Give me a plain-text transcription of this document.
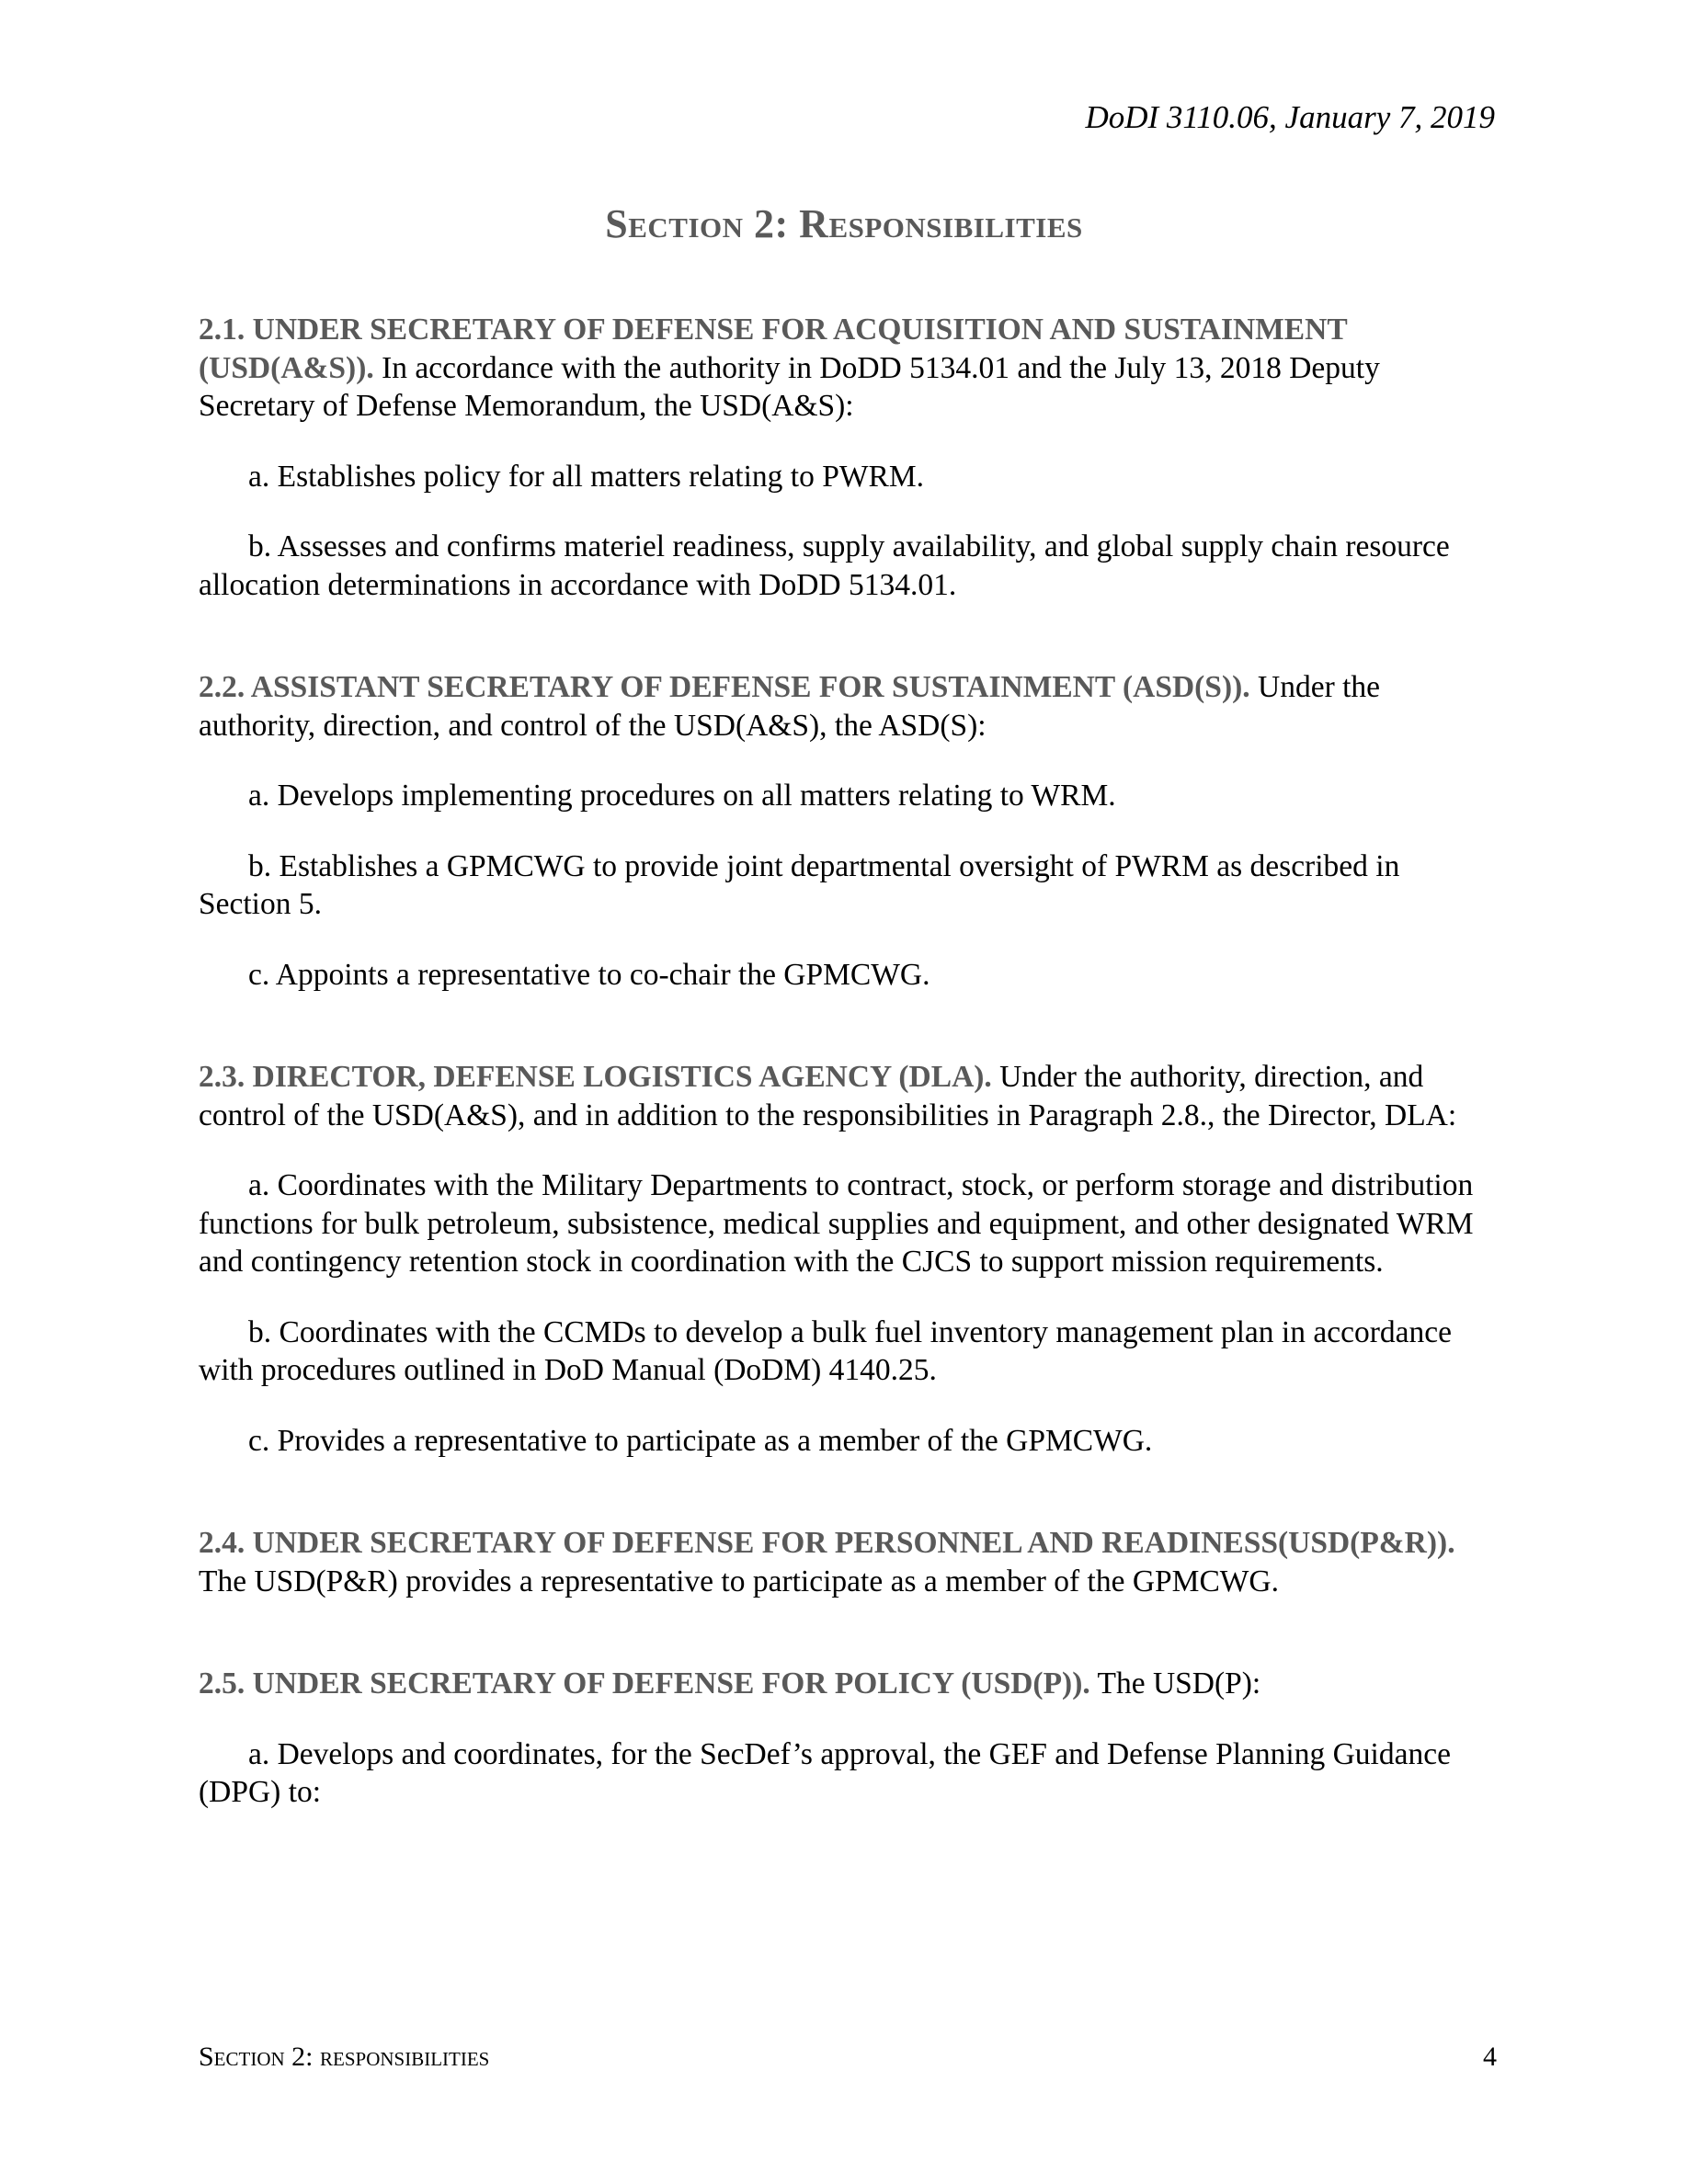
DoDI 3110.06, January 7, 2019
Section 2: Responsibilities

2.1. UNDER SECRETARY OF DEFENSE FOR ACQUISITION AND SUSTAINMENT (USD(A&S)). In accordance with the authority in DoDD 5134.01 and the July 13, 2018 Deputy Secretary of Defense Memorandum, the USD(A&S):

a. Establishes policy for all matters relating to PWRM.

b. Assesses and confirms materiel readiness, supply availability, and global supply chain resource allocation determinations in accordance with DoDD 5134.01.

2.2. ASSISTANT SECRETARY OF DEFENSE FOR SUSTAINMENT (ASD(S)). Under the authority, direction, and control of the USD(A&S), the ASD(S):

a. Develops implementing procedures on all matters relating to WRM.

b. Establishes a GPMCWG to provide joint departmental oversight of PWRM as described in Section 5.

c. Appoints a representative to co-chair the GPMCWG.

2.3. DIRECTOR, DEFENSE LOGISTICS AGENCY (DLA). Under the authority, direction, and control of the USD(A&S), and in addition to the responsibilities in Paragraph 2.8., the Director, DLA:

a. Coordinates with the Military Departments to contract, stock, or perform storage and distribution functions for bulk petroleum, subsistence, medical supplies and equipment, and other designated WRM and contingency retention stock in coordination with the CJCS to support mission requirements.

b. Coordinates with the CCMDs to develop a bulk fuel inventory management plan in accordance with procedures outlined in DoD Manual (DoDM) 4140.25.

c. Provides a representative to participate as a member of the GPMCWG.

2.4. UNDER SECRETARY OF DEFENSE FOR PERSONNEL AND READINESS(USD(P&R)). The USD(P&R) provides a representative to participate as a member of the GPMCWG.

2.5. UNDER SECRETARY OF DEFENSE FOR POLICY (USD(P)). The USD(P):

a. Develops and coordinates, for the SecDef’s approval, the GEF and Defense Planning Guidance (DPG) to:

Section 2: responsibilities	4
